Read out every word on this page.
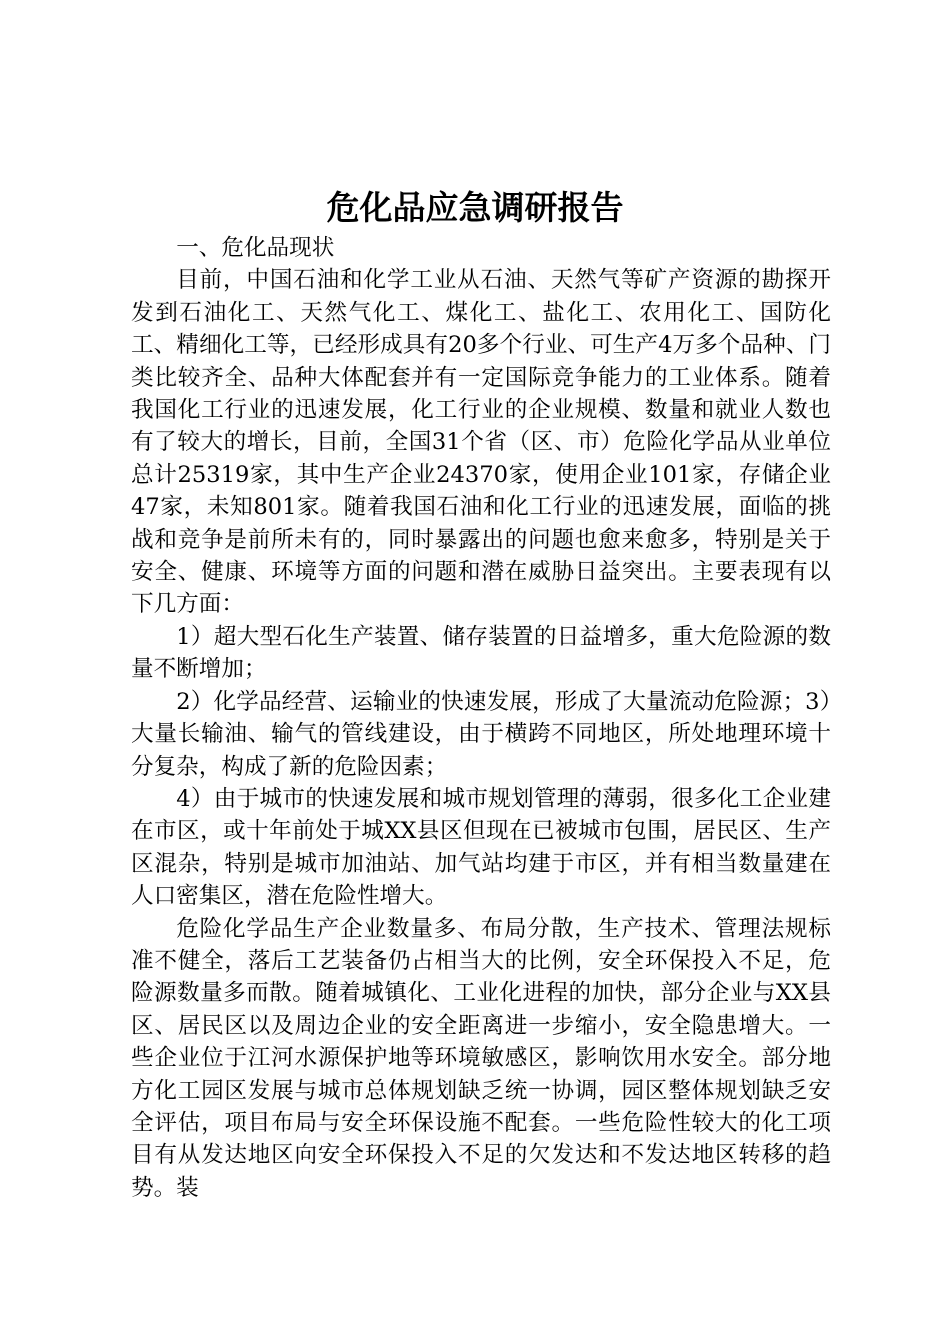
危化品应急调研报告

一、危化品现状

目前，中国石油和化学工业从石油、天然气等矿产资源的勘探开发到石油化工、天然气化工、煤化工、盐化工、农用化工、国防化工、精细化工等，已经形成具有20多个行业、可生产4万多个品种、门类比较齐全、品种大体配套并有一定国际竞争能力的工业体系。随着我国化工行业的迅速发展，化工行业的企业规模、数量和就业人数也有了较大的增长，目前，全国31个省（区、市）危险化学品从业单位总计25319家，其中生产企业24370家，使用企业101家，存储企业47家，未知801家。随着我国石油和化工行业的迅速发展，面临的挑战和竞争是前所未有的，同时暴露出的问题也愈来愈多，特别是关于安全、健康、环境等方面的问题和潜在威胁日益突出。主要表现有以下几方面：

1）超大型石化生产装置、储存装置的日益增多，重大危险源的数量不断增加；

2）化学品经营、运输业的快速发展，形成了大量流动危险源；3）大量长输油、输气的管线建设，由于横跨不同地区，所处地理环境十分复杂，构成了新的危险因素；

4）由于城市的快速发展和城市规划管理的薄弱，很多化工企业建在市区，或十年前处于城XX县区但现在已被城市包围，居民区、生产区混杂，特别是城市加油站、加气站均建于市区，并有相当数量建在人口密集区，潜在危险性增大。

危险化学品生产企业数量多、布局分散，生产技术、管理法规标准不健全，落后工艺装备仍占相当大的比例，安全环保投入不足，危险源数量多而散。随着城镇化、工业化进程的加快，部分企业与XX县区、居民区以及周边企业的安全距离进一步缩小，安全隐患增大。一些企业位于江河水源保护地等环境敏感区，影响饮用水安全。部分地方化工园区发展与城市总体规划缺乏统一协调，园区整体规划缺乏安全评估，项目布局与安全环保设施不配套。一些危险性较大的化工项目有从发达地区向安全环保投入不足的欠发达和不发达地区转移的趋势。装
